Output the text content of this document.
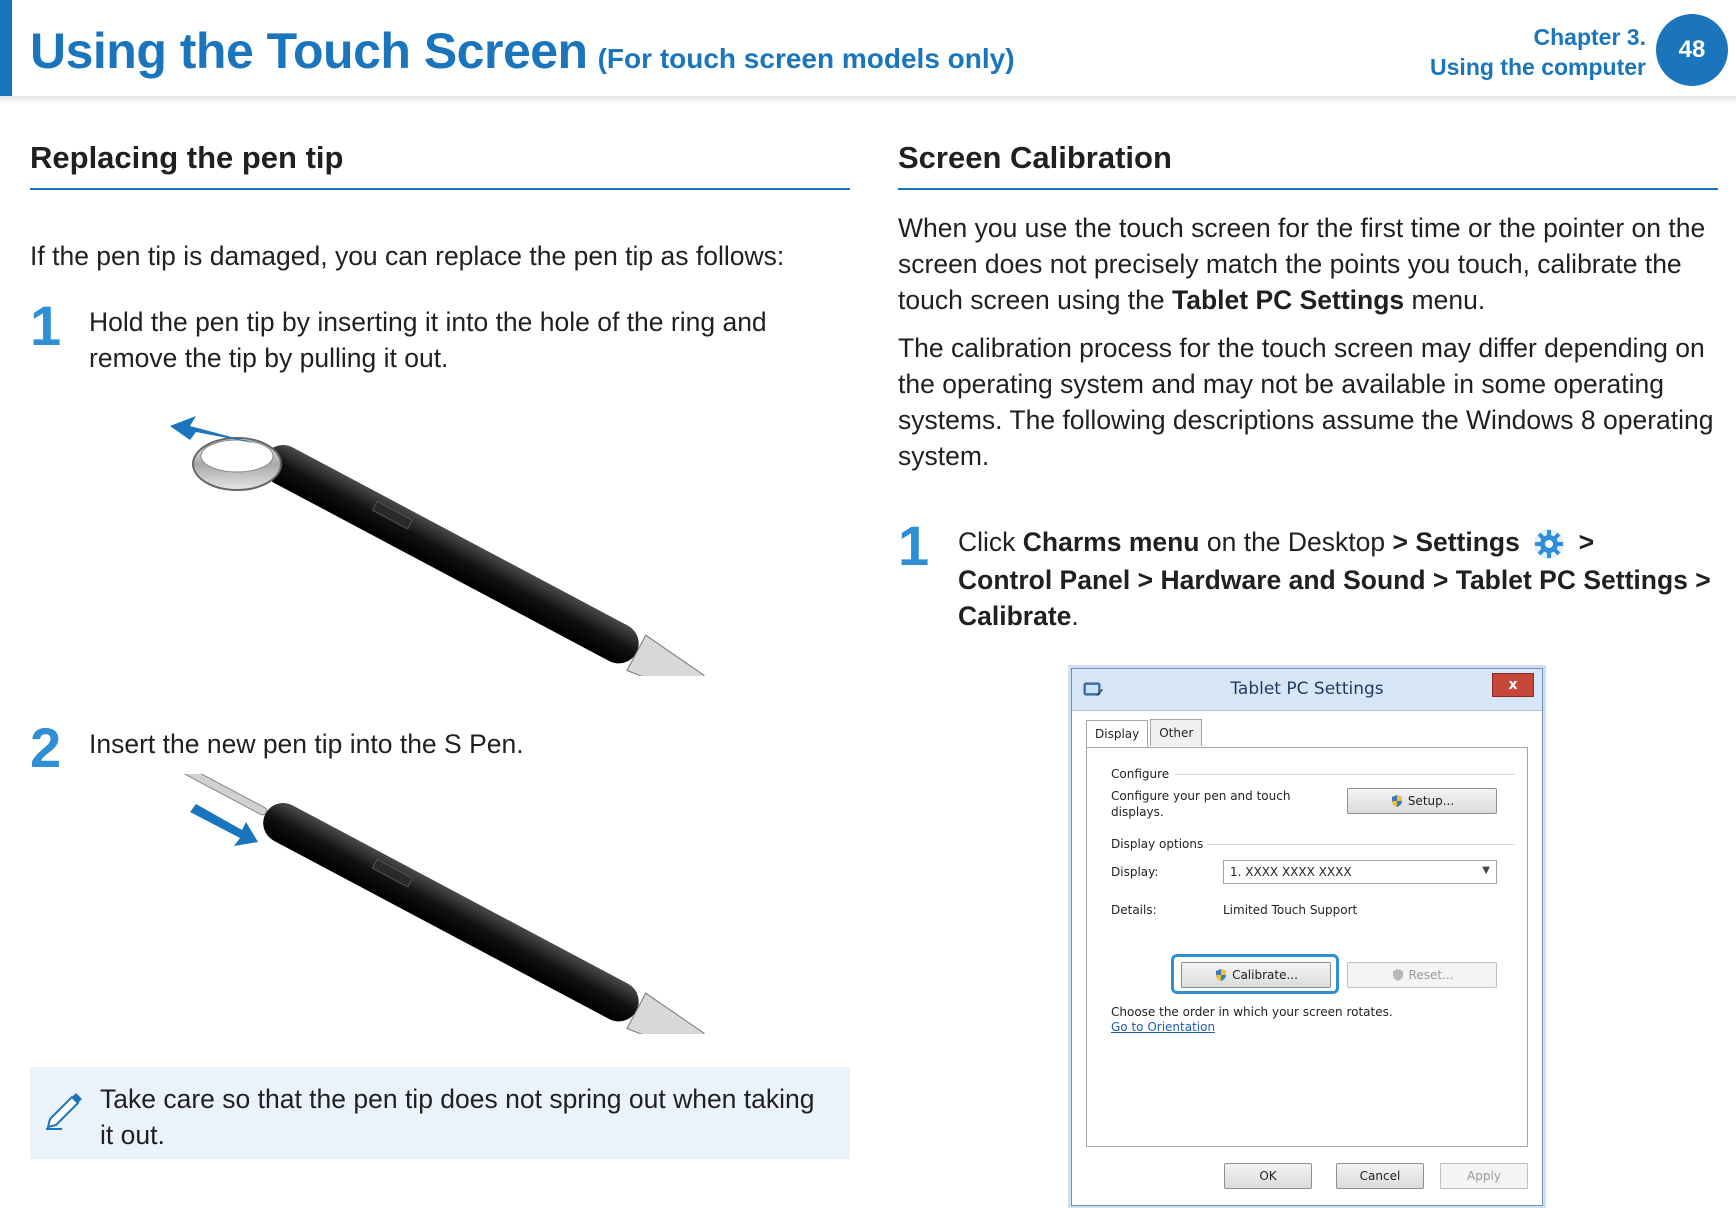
Using the Touch Screen (For touch screen models only)
Chapter 3.
Using the computer
48
Replacing the pen tip
If the pen tip is damaged, you can replace the pen tip as follows:
1 Hold the pen tip by inserting it into the hole of the ring and remove the tip by pulling it out.
2 Insert the new pen tip into the S Pen.
Take care so that the pen tip does not spring out when taking it out.
Screen Calibration
When you use the touch screen for the first time or the pointer on the screen does not precisely match the points you touch, calibrate the touch screen using the Tablet PC Settings menu.
The calibration process for the touch screen may differ depending on the operating system and may not be available in some operating systems. The following descriptions assume the Windows 8 operating system.
1 Click Charms menu on the Desktop > Settings  >
Control Panel > Hardware and Sound > Tablet PC Settings > Calibrate.
Tablet PC Settings	x
Display Other
Configure
Configure your pen and touch displays.
Setup...
Display options
Display:	1. XXXX XXXX XXXX	▼
Details:	Limited Touch Support
Calibrate...	Reset...
Choose the order in which your screen rotates.
Go to Orientation
OK	Cancel	Apply
